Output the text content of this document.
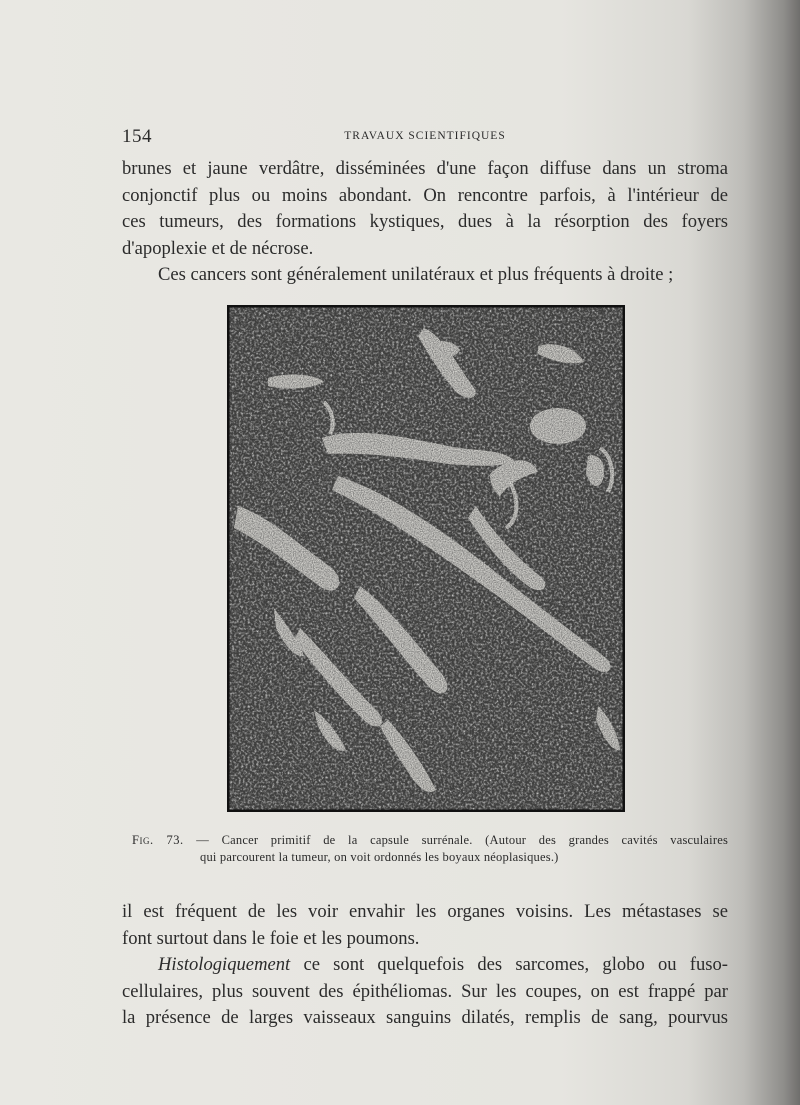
154	TRAVAUX SCIENTIFIQUES
brunes et jaune verdâtre, disséminées d'une façon diffuse dans un stroma
conjonctif plus ou moins abondant. On rencontre parfois, à l'intérieur de
ces tumeurs, des formations kystiques, dues à la résorption des foyers
d'apoplexie et de nécrose.
Ces cancers sont généralement unilatéraux et plus fréquents à droite ;
Fig. 73. — Cancer primitif de la capsule surrénale. (Autour des grandes cavités vasculaires
qui parcourent la tumeur, on voit ordonnés les boyaux néoplasiques.)
il est fréquent de les voir envahir les organes voisins. Les métastases se
font surtout dans le foie et les poumons.
Histologiquement ce sont quelquefois des sarcomes, globo ou fuso-
cellulaires, plus souvent des épithéliomas. Sur les coupes, on est frappé par
la présence de larges vaisseaux sanguins dilatés, remplis de sang, pourvus
